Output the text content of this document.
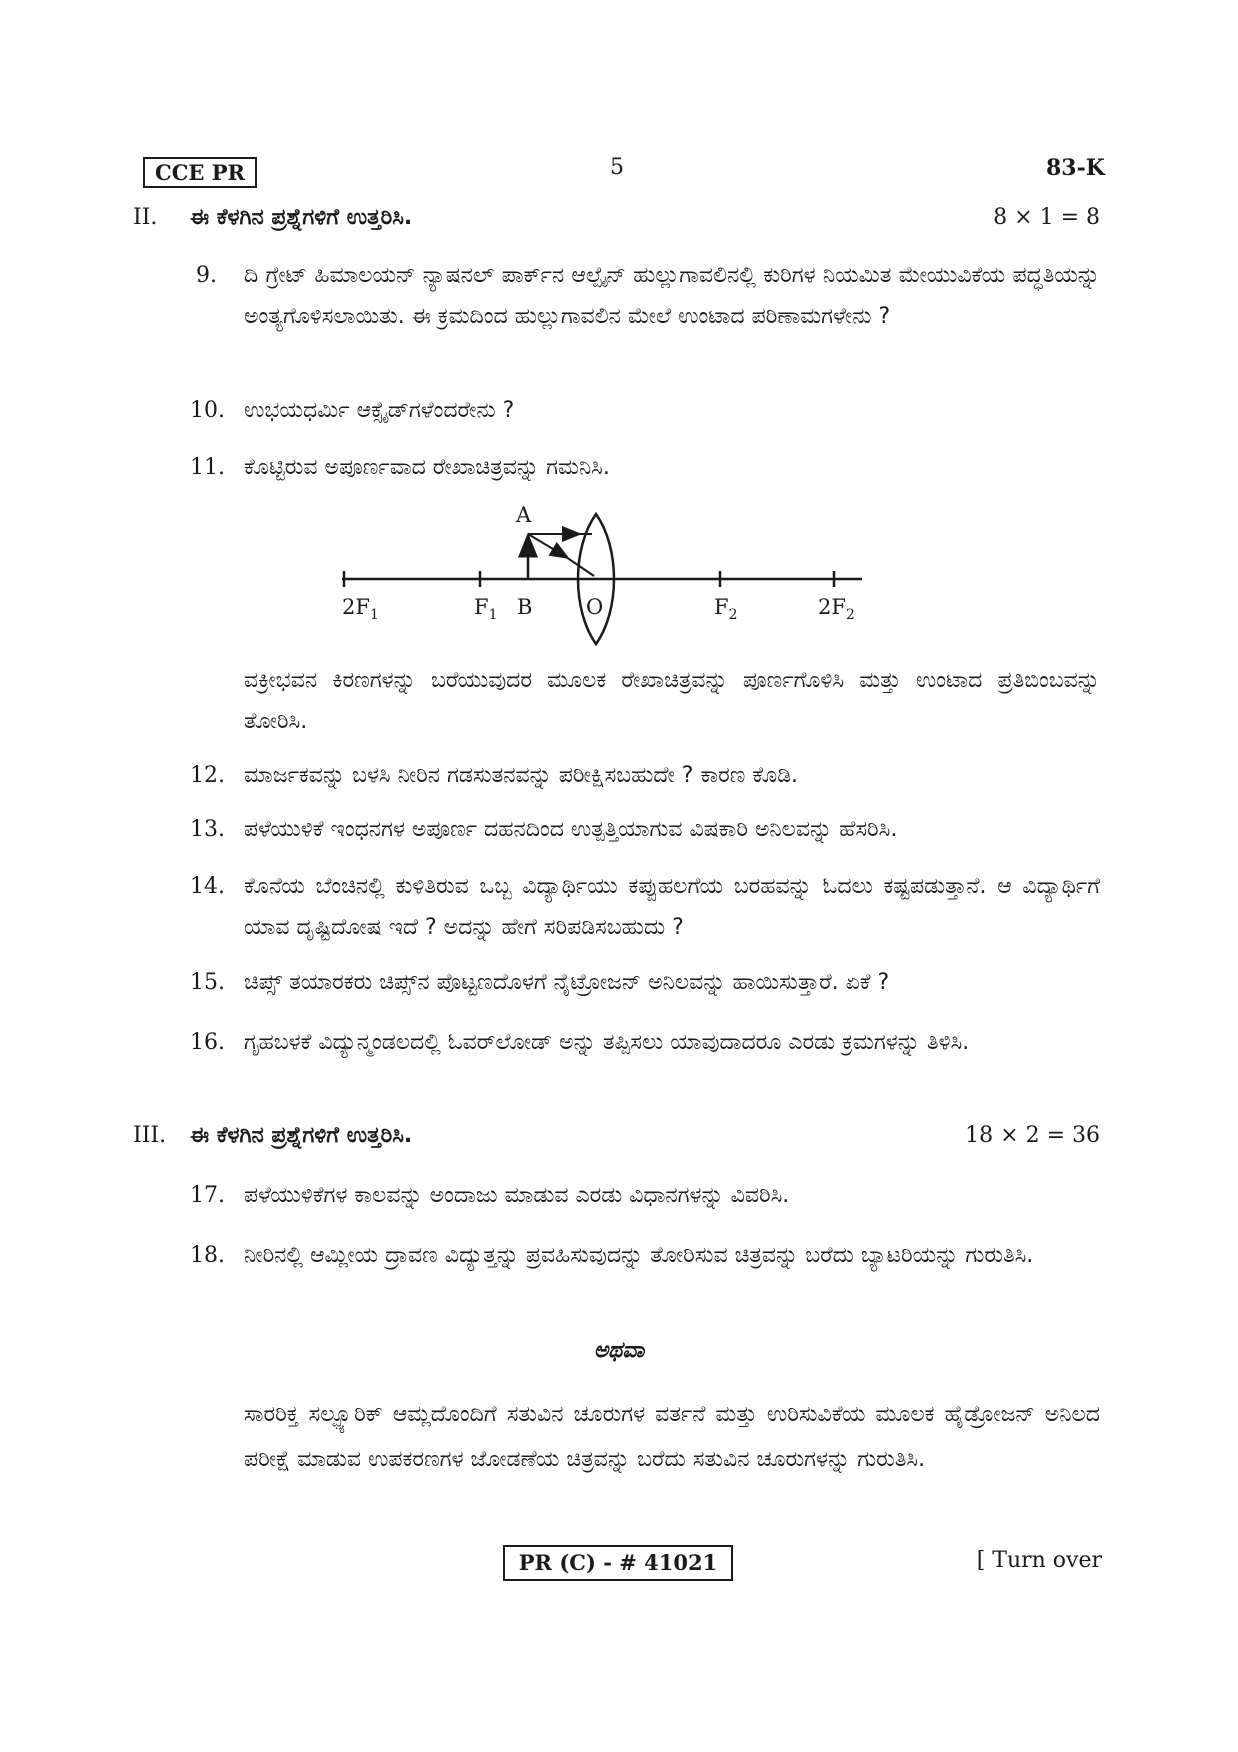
CCE PR	5	83-K
II. ಈ ಕೆಳಗಿನ ಪ್ರಶ್ನೆಗಳಿಗೆ ಉತ್ತರಿಸಿ.	8 × 1 = 8
9. ದಿ ಗ್ರೇಟ್ ಹಿಮಾಲಯನ್ ನ್ಯಾಷನಲ್ ಪಾರ್ಕ್‌ನ ಆಲ್ಪೈನ್ ಹುಲ್ಲುಗಾವಲಿನಲ್ಲಿ ಕುರಿಗಳ ನಿಯಮಿತ ಮೇಯುವಿಕೆಯ ಪದ್ಧತಿಯನ್ನು ಅಂತ್ಯಗೊಳಿಸಲಾಯಿತು. ಈ ಕ್ರಮದಿಂದ ಹುಲ್ಲುಗಾವಲಿನ ಮೇಲೆ ಉಂಟಾದ ಪರಿಣಾಮಗಳೇನು ?
10. ಉಭಯಧರ್ಮಿ ಆಕ್ಸೈಡ್‌ಗಳೆಂದರೇನು ?
11. ಕೊಟ್ಟಿರುವ ಅಪೂರ್ಣವಾದ ರೇಖಾಚಿತ್ರವನ್ನು ಗಮನಿಸಿ.
A
$2F_1$	$F_1$ B	O	$F_2$	$2F_2$
ವಕ್ರೀಭವನ ಕಿರಣಗಳನ್ನು ಬರೆಯುವುದರ ಮೂಲಕ ರೇಖಾಚಿತ್ರವನ್ನು ಪೂರ್ಣಗೊಳಿಸಿ ಮತ್ತು ಉಂಟಾದ ಪ್ರತಿಬಿಂಬವನ್ನು ತೋರಿಸಿ.
12. ಮಾರ್ಜಕವನ್ನು ಬಳಸಿ ನೀರಿನ ಗಡಸುತನವನ್ನು ಪರೀಕ್ಷಿಸಬಹುದೇ ? ಕಾರಣ ಕೊಡಿ.
13. ಪಳೆಯುಳಿಕೆ ಇಂಧನಗಳ ಅಪೂರ್ಣ ದಹನದಿಂದ ಉತ್ಪತ್ತಿಯಾಗುವ ವಿಷಕಾರಿ ಅನಿಲವನ್ನು ಹೆಸರಿಸಿ.
14. ಕೊನೆಯ ಬೆಂಚಿನಲ್ಲಿ ಕುಳಿತಿರುವ ಒಬ್ಬ ವಿದ್ಯಾರ್ಥಿಯು ಕಪ್ಪುಹಲಗೆಯ ಬರಹವನ್ನು ಓದಲು ಕಷ್ಟಪಡುತ್ತಾನೆ. ಆ ವಿದ್ಯಾರ್ಥಿಗೆ ಯಾವ ದೃಷ್ಟಿದೋಷ ಇದೆ ? ಅದನ್ನು ಹೇಗೆ ಸರಿಪಡಿಸಬಹುದು ?
15. ಚಿಪ್ಸ್ ತಯಾರಕರು ಚಿಪ್ಸ್‌ನ ಪೊಟ್ಟಣದೊಳಗೆ ನೈಟ್ರೋಜನ್ ಅನಿಲವನ್ನು ಹಾಯಿಸುತ್ತಾರೆ. ಏಕೆ ?
16. ಗೃಹಬಳಕೆ ವಿದ್ಯುನ್ಮಂಡಲದಲ್ಲಿ ಓವರ್‌ಲೋಡ್ ಅನ್ನು ತಪ್ಪಿಸಲು ಯಾವುದಾದರೂ ಎರಡು ಕ್ರಮಗಳನ್ನು ತಿಳಿಸಿ.
III. ಈ ಕೆಳಗಿನ ಪ್ರಶ್ನೆಗಳಿಗೆ ಉತ್ತರಿಸಿ.	18 × 2 = 36
17. ಪಳೆಯುಳಿಕೆಗಳ ಕಾಲವನ್ನು ಅಂದಾಜು ಮಾಡುವ ಎರಡು ವಿಧಾನಗಳನ್ನು ವಿವರಿಸಿ.
18. ನೀರಿನಲ್ಲಿ ಆಮ್ಲೀಯ ದ್ರಾವಣ ವಿದ್ಯುತ್ತನ್ನು ಪ್ರವಹಿಸುವುದನ್ನು ತೋರಿಸುವ ಚಿತ್ರವನ್ನು ಬರೆದು ಬ್ಯಾಟರಿಯನ್ನು ಗುರುತಿಸಿ.
ಅಥವಾ
ಸಾರರಿಕ್ತ ಸಲ್ಫ್ಯೂರಿಕ್ ಆಮ್ಲದೊಂದಿಗೆ ಸತುವಿನ ಚೂರುಗಳ ವರ್ತನೆ ಮತ್ತು ಉರಿಸುವಿಕೆಯ ಮೂಲಕ ಹೈಡ್ರೋಜನ್ ಅನಿಲದ ಪರೀಕ್ಷೆ ಮಾಡುವ ಉಪಕರಣಗಳ ಜೋಡಣೆಯ ಚಿತ್ರವನ್ನು ಬರೆದು ಸತುವಿನ ಚೂರುಗಳನ್ನು ಗುರುತಿಸಿ.
PR (C) - # 41021	[ Turn over
